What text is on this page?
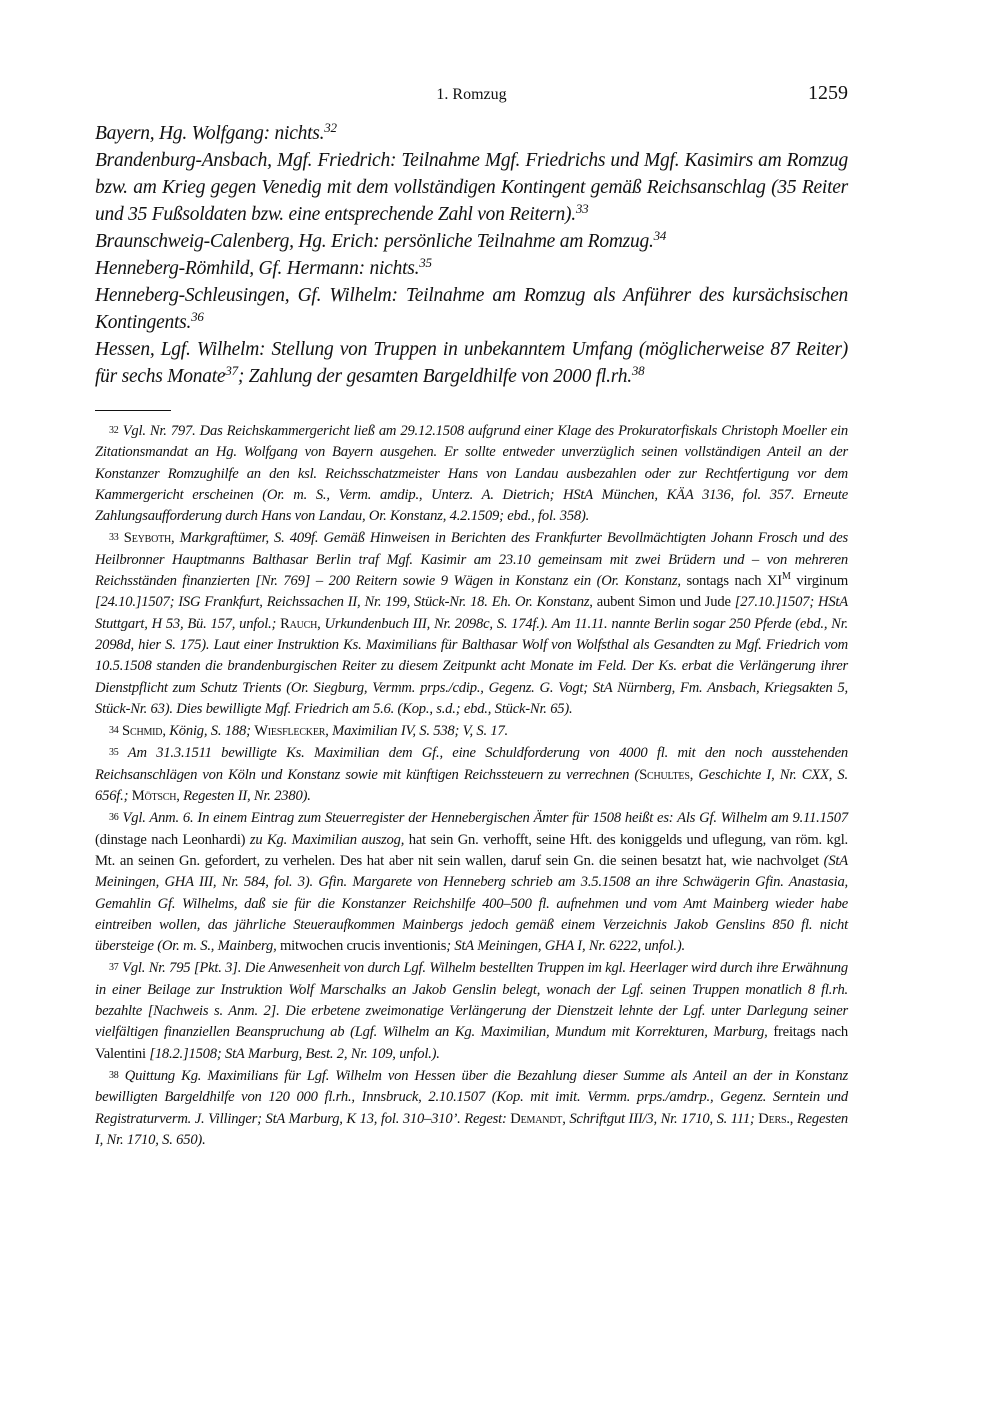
1. Romzug	1259

Bayern, Hg. Wolfgang: nichts.$^{32}$

Brandenburg-Ansbach, Mgf. Friedrich: Teilnahme Mgf. Friedrichs und Mgf. Kasimirs am Romzug bzw. am Krieg gegen Venedig mit dem vollständigen Kontingent gemäß Reichsanschlag (35 Reiter und 35 Fußsoldaten bzw. eine entsprechende Zahl von Reitern).$^{33}$

Braunschweig-Calenberg, Hg. Erich: persönliche Teilnahme am Romzug.$^{34}$

Henneberg-Römhild, Gf. Hermann: nichts.$^{35}$

Henneberg-Schleusingen, Gf. Wilhelm: Teilnahme am Romzug als Anführer des kursächsischen Kontingents.$^{36}$

Hessen, Lgf. Wilhelm: Stellung von Truppen in unbekanntem Umfang (möglicherweise 87 Reiter) für sechs Monate$^{37}$; Zahlung der gesamten Bargeldhilfe von 2000 fl.rh.$^{38}$

32 Vgl. Nr. 797. Das Reichskammergericht ließ am 29.12.1508 aufgrund einer Klage des Prokuratorfiskals Christoph Moeller ein Zitationsmandat an Hg. Wolfgang von Bayern ausgehen. Er sollte entweder unverzüglich seinen vollständigen Anteil an der Konstanzer Romzughilfe an den ksl. Reichsschatzmeister Hans von Landau ausbezahlen oder zur Rechtfertigung vor dem Kammergericht erscheinen (Or. m. S., Verm. amdip., Unterz. A. Dietrich; HStA München, KÄA 3136, fol. 357. Erneute Zahlungsaufforderung durch Hans von Landau, Or. Konstanz, 4.2.1509; ebd., fol. 358).

33 Seyboth, Markgraftümer, S. 409f. Gemäß Hinweisen in Berichten des Frankfurter Bevollmächtigten Johann Frosch und des Heilbronner Hauptmanns Balthasar Berlin traf Mgf. Kasimir am 23.10 gemeinsam mit zwei Brüdern und – von mehreren Reichsständen finanzierten [Nr. 769] – 200 Reitern sowie 9 Wägen in Konstanz ein (Or. Konstanz, sontags nach $XI^M$ virginum [24.10.]1507; ISG Frankfurt, Reichssachen II, Nr. 199, Stück-Nr. 18. Eh. Or. Konstanz, aubent Simon und Jude [27.10.]1507; HStA Stuttgart, H 53, Bü. 157, unfol.; Rauch, Urkundenbuch III, Nr. 2098c, S. 174f.). Am 11.11. nannte Berlin sogar 250 Pferde (ebd., Nr. 2098d, hier S. 175). Laut einer Instruktion Ks. Maximilians für Balthasar Wolf von Wolfsthal als Gesandten zu Mgf. Friedrich vom 10.5.1508 standen die brandenburgischen Reiter zu diesem Zeitpunkt acht Monate im Feld. Der Ks. erbat die Verlängerung ihrer Dienstpflicht zum Schutz Trients (Or. Siegburg, Vermm. prps./cdip., Gegenz. G. Vogt; StA Nürnberg, Fm. Ansbach, Kriegsakten 5, Stück-Nr. 63). Dies bewilligte Mgf. Friedrich am 5.6. (Kop., s.d.; ebd., Stück-Nr. 65).

34 Schmid, König, S. 188; Wiesflecker, Maximilian IV, S. 538; V, S. 17.

35 Am 31.3.1511 bewilligte Ks. Maximilian dem Gf., eine Schuldforderung von 4000 fl. mit den noch ausstehenden Reichsanschlägen von Köln und Konstanz sowie mit künftigen Reichssteuern zu verrechnen (Schultes, Geschichte I, Nr. CXX, S. 656f.; Mötsch, Regesten II, Nr. 2380).

36 Vgl. Anm. 6. In einem Eintrag zum Steuerregister der Hennebergischen Ämter für 1508 heißt es: Als Gf. Wilhelm am 9.11.1507 (dinstage nach Leonhardi) zu Kg. Maximilian auszog, hat sein Gn. verhofft, seine Hft. des koniggelds und uflegung, van röm. kgl. Mt. an seinen Gn. gefordert, zu verhelen. Des hat aber nit sein wallen, daruf sein Gn. die seinen besatzt hat, wie nachvolget (StA Meiningen, GHA III, Nr. 584, fol. 3). Gfin. Margarete von Henneberg schrieb am 3.5.1508 an ihre Schwägerin Gfin. Anastasia, Gemahlin Gf. Wilhelms, daß sie für die Konstanzer Reichshilfe 400–500 fl. aufnehmen und vom Amt Mainberg wieder habe eintreiben wollen, das jährliche Steueraufkommen Mainbergs jedoch gemäß einem Verzeichnis Jakob Genslins 850 fl. nicht übersteige (Or. m. S., Mainberg, mitwochen crucis inventionis; StA Meiningen, GHA I, Nr. 6222, unfol.).

37 Vgl. Nr. 795 [Pkt. 3]. Die Anwesenheit von durch Lgf. Wilhelm bestellten Truppen im kgl. Heerlager wird durch ihre Erwähnung in einer Beilage zur Instruktion Wolf Marschalks an Jakob Genslin belegt, wonach der Lgf. seinen Truppen monatlich 8 fl.rh. bezahlte [Nachweis s. Anm. 2]. Die erbetene zweimonatige Verlängerung der Dienstzeit lehnte der Lgf. unter Darlegung seiner vielfältigen finanziellen Beanspruchung ab (Lgf. Wilhelm an Kg. Maximilian, Mundum mit Korrekturen, Marburg, freitags nach Valentini [18.2.]1508; StA Marburg, Best. 2, Nr. 109, unfol.).

38 Quittung Kg. Maximilians für Lgf. Wilhelm von Hessen über die Bezahlung dieser Summe als Anteil an der in Konstanz bewilligten Bargeldhilfe von 120 000 fl.rh., Innsbruck, 2.10.1507 (Kop. mit imit. Vermm. prps./amdrp., Gegenz. Serntein und Registraturverm. J. Villinger; StA Marburg, K 13, fol. 310–310’. Regest: Demandt, Schriftgut III/3, Nr. 1710, S. 111; Ders., Regesten I, Nr. 1710, S. 650).
